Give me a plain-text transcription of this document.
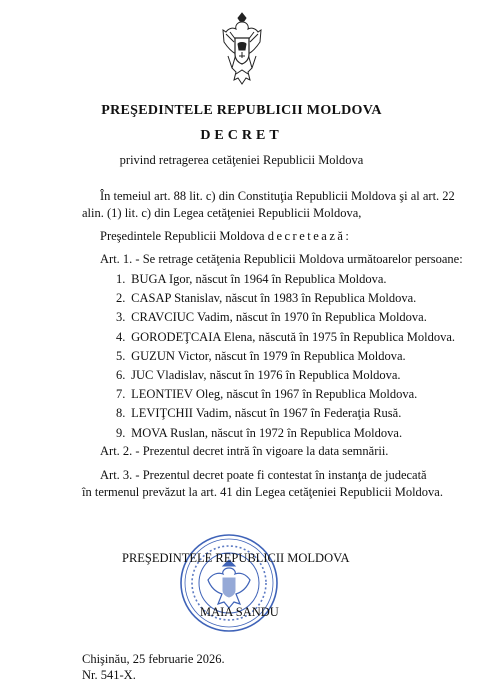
PREŞEDINTELE REPUBLICII MOLDOVA
DECRET
privind retragerea cetăţeniei Republicii Moldova
În temeiul art. 88 lit. c) din Constituţia Republicii Moldova şi al art. 22
alin. (1) lit. c) din Legea cetăţeniei Republicii Moldova,
Preşedintele Republicii Moldova decretează:
Art. 1. - Se retrage cetăţenia Republicii Moldova următoarelor persoane:
1. BUGA Igor, născut în 1964 în Republica Moldova.
2. CASAP Stanislav, născut în 1983 în Republica Moldova.
3. CRAVCIUC Vadim, născut în 1970 în Republica Moldova.
4. GORODEŢCAIA Elena, născută în 1975 în Republica Moldova.
5. GUZUN Victor, născut în 1979 în Republica Moldova.
6. JUC Vladislav, născut în 1976 în Republica Moldova.
7. LEONTIEV Oleg, născut în 1967 în Republica Moldova.
8. LEVIŢCHII Vadim, născut în 1967 în Federaţia Rusă.
9. MOVA Ruslan, născut în 1972 în Republica Moldova.
Art. 2. - Prezentul decret intră în vigoare la data semnării.
Art. 3. - Prezentul decret poate fi contestat în instanţa de judecată
în termenul prevăzut la art. 41 din Legea cetăţeniei Republicii Moldova.
PREŞEDINTELE REPUBLICII MOLDOVA
MAIA SANDU
Chişinău, 25 februarie 2026.
Nr. 541-X.
